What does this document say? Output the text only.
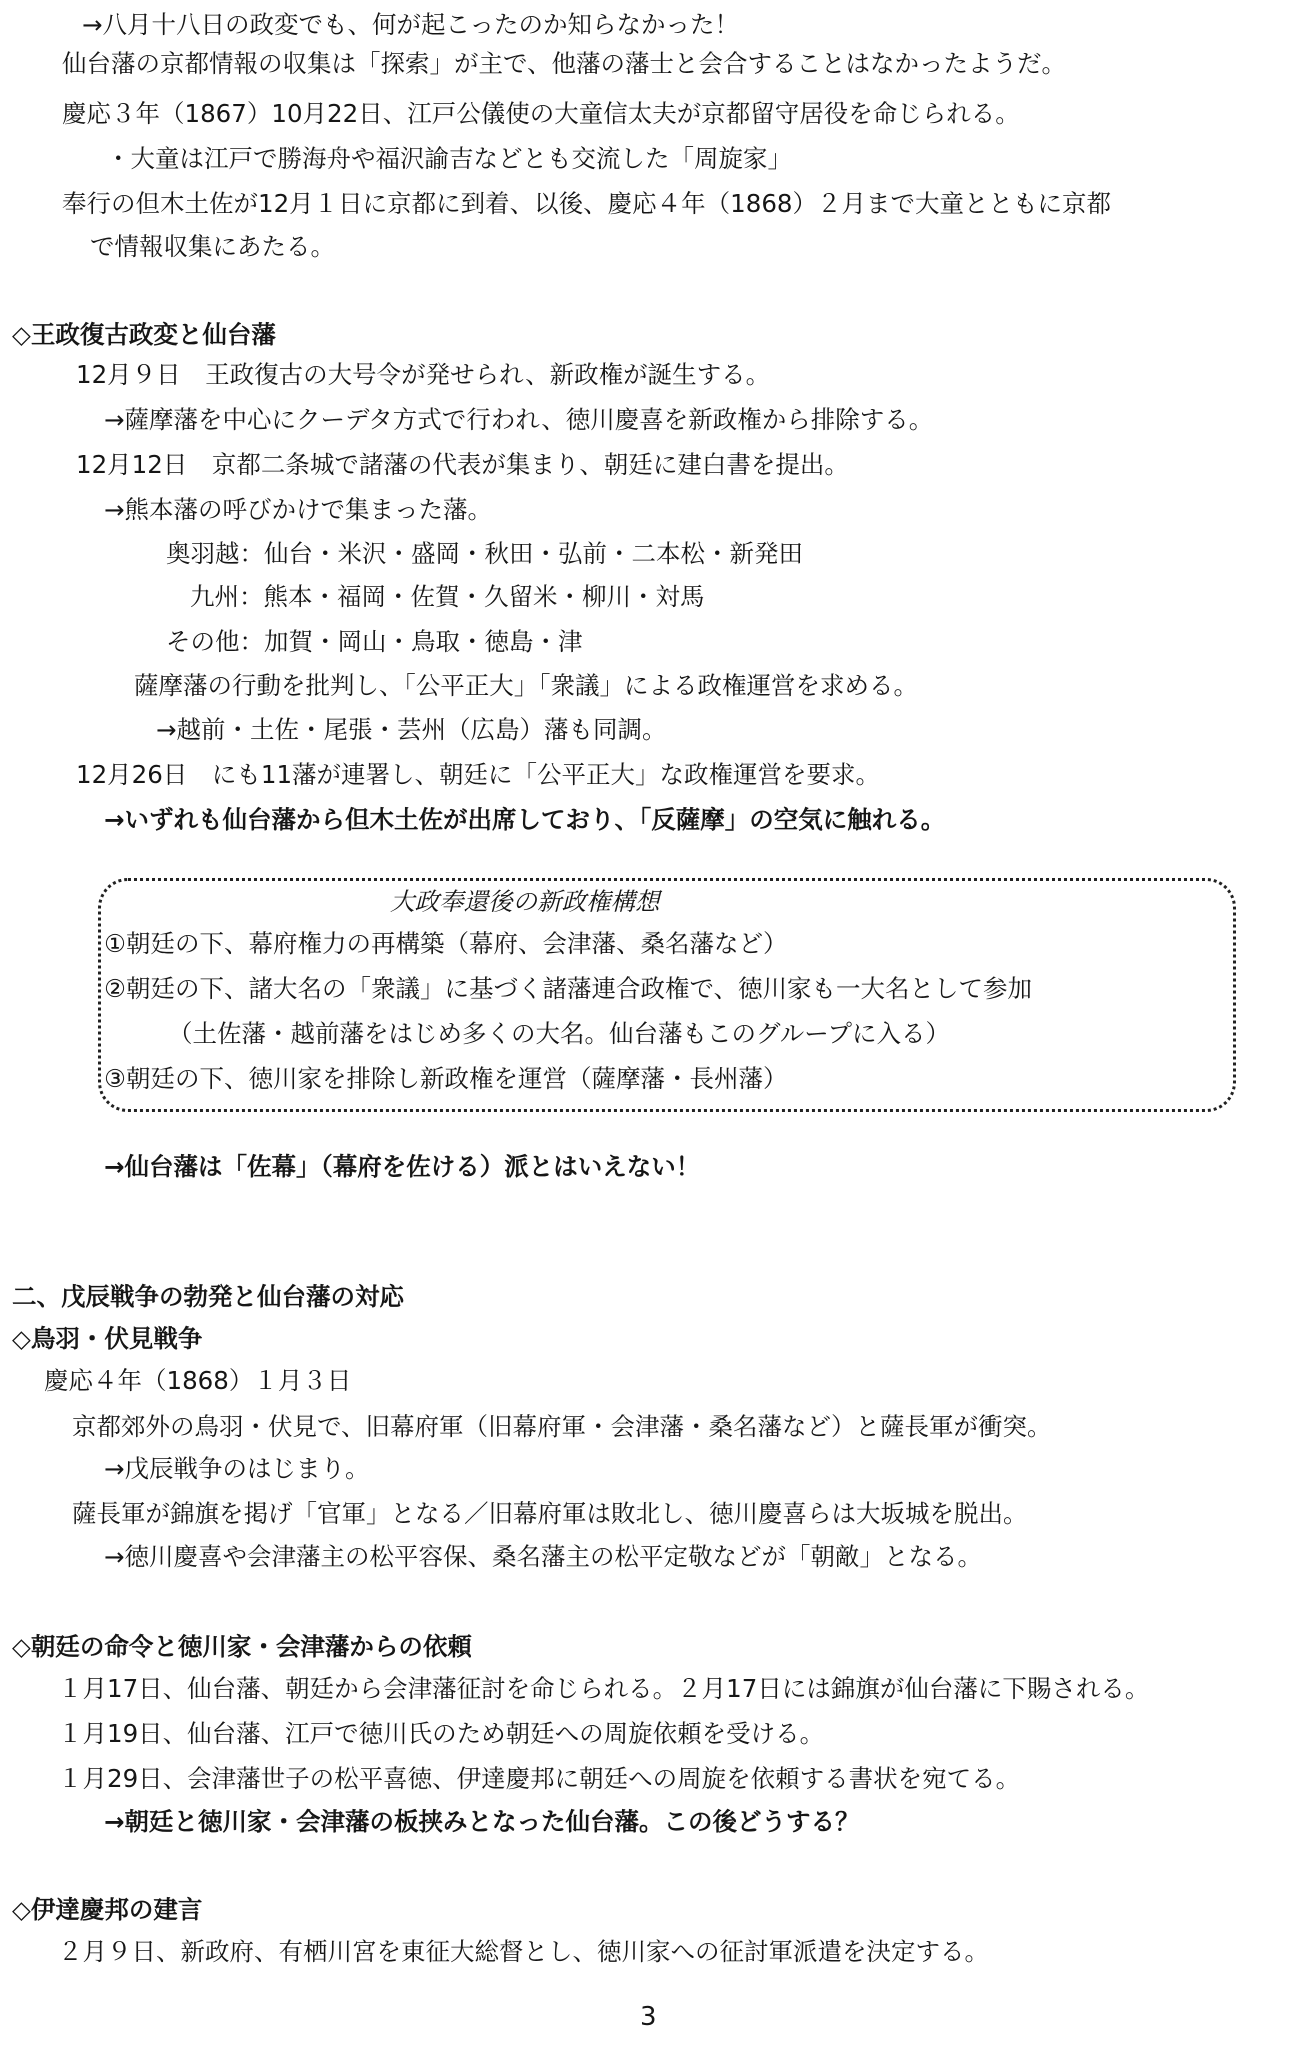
→八月十八日の政変でも、何が起こったのか知らなかった！
仙台藩の京都情報の収集は「探索」が主で、他藩の藩士と会合することはなかったようだ。
慶応３年（1867）10月22日、江戸公儀使の大童信太夫が京都留守居役を命じられる。
・大童は江戸で勝海舟や福沢諭吉などとも交流した「周旋家」
奉行の但木土佐が12月１日に京都に到着、以後、慶応４年（1868）２月まで大童とともに京都
で情報収集にあたる。
◇王政復古政変と仙台藩
12月９日　王政復古の大号令が発せられ、新政権が誕生する。
→薩摩藩を中心にクーデタ方式で行われ、徳川慶喜を新政権から排除する。
12月12日　京都二条城で諸藩の代表が集まり、朝廷に建白書を提出。
→熊本藩の呼びかけで集まった藩。
奥羽越：仙台・米沢・盛岡・秋田・弘前・二本松・新発田
九州：熊本・福岡・佐賀・久留米・柳川・対馬
その他：加賀・岡山・鳥取・徳島・津
薩摩藩の行動を批判し、「公平正大」「衆議」による政権運営を求める。
→越前・土佐・尾張・芸州（広島）藩も同調。
12月26日　にも11藩が連署し、朝廷に「公平正大」な政権運営を要求。
→いずれも仙台藩から但木土佐が出席しており、「反薩摩」の空気に触れる。
大政奉還後の新政権構想
①朝廷の下、幕府権力の再構築（幕府、会津藩、桑名藩など）
②朝廷の下、諸大名の「衆議」に基づく諸藩連合政権で、徳川家も一大名として参加
（土佐藩・越前藩をはじめ多くの大名。仙台藩もこのグループに入る）
③朝廷の下、徳川家を排除し新政権を運営（薩摩藩・長州藩）
→仙台藩は「佐幕」（幕府を佐ける）派とはいえない！
二、戊辰戦争の勃発と仙台藩の対応
◇鳥羽・伏見戦争
慶応４年（1868）１月３日
京都郊外の鳥羽・伏見で、旧幕府軍（旧幕府軍・会津藩・桑名藩など）と薩長軍が衝突。
→戊辰戦争のはじまり。
薩長軍が錦旗を掲げ「官軍」となる／旧幕府軍は敗北し、徳川慶喜らは大坂城を脱出。
→徳川慶喜や会津藩主の松平容保、桑名藩主の松平定敬などが「朝敵」となる。
◇朝廷の命令と徳川家・会津藩からの依頼
１月17日、仙台藩、朝廷から会津藩征討を命じられる。２月17日には錦旗が仙台藩に下賜される。
１月19日、仙台藩、江戸で徳川氏のため朝廷への周旋依頼を受ける。
１月29日、会津藩世子の松平喜徳、伊達慶邦に朝廷への周旋を依頼する書状を宛てる。
→朝廷と徳川家・会津藩の板挟みとなった仙台藩。この後どうする？
◇伊達慶邦の建言
２月９日、新政府、有栖川宮を東征大総督とし、徳川家への征討軍派遣を決定する。
3
